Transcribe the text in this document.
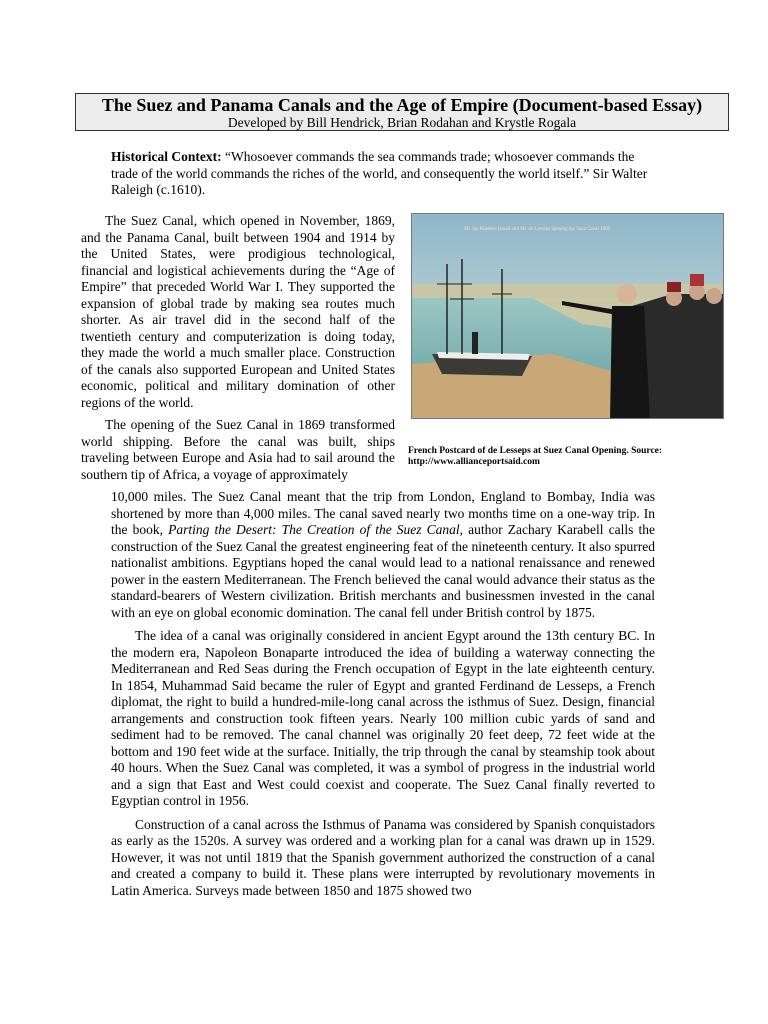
The Suez and Panama Canals and the Age of Empire (Document-based Essay)
Developed by Bill Hendrick, Brian Rodahan and Krystle Rogala
Historical Context: “Whosoever commands the sea commands trade; whosoever commands the trade of the world commands the riches of the world, and consequently the world itself.” Sir Walter Raleigh (c.1610).

The Suez Canal, which opened in November, 1869, and the Panama Canal, built between 1904 and 1914 by the United States, were prodigious technological, financial and logistical achievements during the “Age of Empire” that preceded World War I. They supported the expansion of global trade by making sea routes much shorter. As air travel did in the second half of the twentieth century and computerization is doing today, they made the world a much smaller place. Construction of the canals also supported European and United States economic, political and military domination of other regions of the world.

The opening of the Suez Canal in 1869 transformed world shipping. Before the canal was built, ships traveling between Europe and Asia had to sail around the southern tip of Africa, a voyage of approximately

Mr. the Khedive Ismail and Mr. de Lesseps opening the Suez Canal 1869
French Postcard of de Lesseps at Suez Canal Opening. Source: http://www.allianceportsaid.com

10,000 miles. The Suez Canal meant that the trip from London, England to Bombay, India was shortened by more than 4,000 miles. The canal saved nearly two months time on a one-way trip. In the book, Parting the Desert: The Creation of the Suez Canal, author Zachary Karabell calls the construction of the Suez Canal the greatest engineering feat of the nineteenth century. It also spurred nationalist ambitions. Egyptians hoped the canal would lead to a national renaissance and renewed power in the eastern Mediterranean. The French believed the canal would advance their status as the standard-bearers of Western civilization. British merchants and businessmen invested in the canal with an eye on global economic domination. The canal fell under British control by 1875.

The idea of a canal was originally considered in ancient Egypt around the 13th century BC. In the modern era, Napoleon Bonaparte introduced the idea of building a waterway connecting the Mediterranean and Red Seas during the French occupation of Egypt in the late eighteenth century. In 1854, Muhammad Said became the ruler of Egypt and granted Ferdinand de Lesseps, a French diplomat, the right to build a hundred-mile-long canal across the isthmus of Suez. Design, financial arrangements and construction took fifteen years. Nearly 100 million cubic yards of sand and sediment had to be removed. The canal channel was originally 20 feet deep, 72 feet wide at the bottom and 190 feet wide at the surface. Initially, the trip through the canal by steamship took about 40 hours. When the Suez Canal was completed, it was a symbol of progress in the industrial world and a sign that East and West could coexist and cooperate. The Suez Canal finally reverted to Egyptian control in 1956.

Construction of a canal across the Isthmus of Panama was considered by Spanish conquistadors as early as the 1520s. A survey was ordered and a working plan for a canal was drawn up in 1529. However, it was not until 1819 that the Spanish government authorized the construction of a canal and created a company to build it. These plans were interrupted by revolutionary movements in Latin America. Surveys made between 1850 and 1875 showed two
